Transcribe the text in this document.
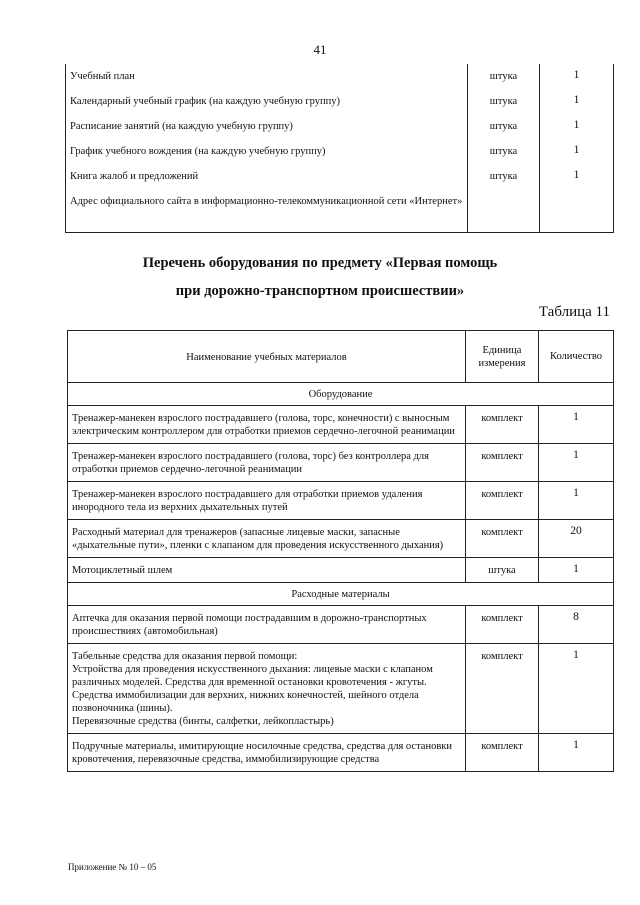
41
Учебный план	штука	1
Календарный учебный график (на каждую учебную группу)	штука	1
Расписание занятий (на каждую учебную группу)	штука	1
График учебного вождения (на каждую учебную группу)	штука	1
Книга жалоб и предложений	штука	1
Адрес официального сайта в информационно-телекоммуникационной сети «Интернет»		
Перечень оборудования по предмету «Первая помощь
при дорожно-транспортном происшествии»
Таблица 11
Наименование учебных материалов	Единица измерения	Количество
Оборудование		
Тренажер-манекен взрослого пострадавшего (голова, торс, конечности) с выносным электрическим контроллером для отработки приемов сердечно-легочной реанимации	комплект	1
Тренажер-манекен взрослого пострадавшего (голова, торс) без контроллера для отработки приемов сердечно-легочной реанимации	комплект	1
Тренажер-манекен взрослого пострадавшего для отработки приемов удаления инородного тела из верхних дыхательных путей	комплект	1
Расходный материал для тренажеров (запасные лицевые маски, запасные «дыхательные пути», пленки с клапаном для проведения искусственного дыхания)	комплект	20
Мотоциклетный шлем	штука	1
Расходные материалы		
Аптечка для оказания первой помощи пострадавшим в дорожно-транспортных происшествиях (автомобильная)	комплект	8

Табельные средства для оказания первой помощи:
Устройства для проведения искусственного дыхания: лицевые маски с клапаном различных моделей. Средства для временной остановки кровотечения - жгуты.
Средства иммобилизации для верхних, нижних конечностей, шейного отдела позвоночника (шины).
Перевязочные средства (бинты, салфетки, лейкопластырь)	комплект	1
Подручные материалы, имитирующие носилочные средства, средства для остановки кровотечения, перевязочные средства, иммобилизирующие средства	комплект	1
Приложение № 10 – 05
